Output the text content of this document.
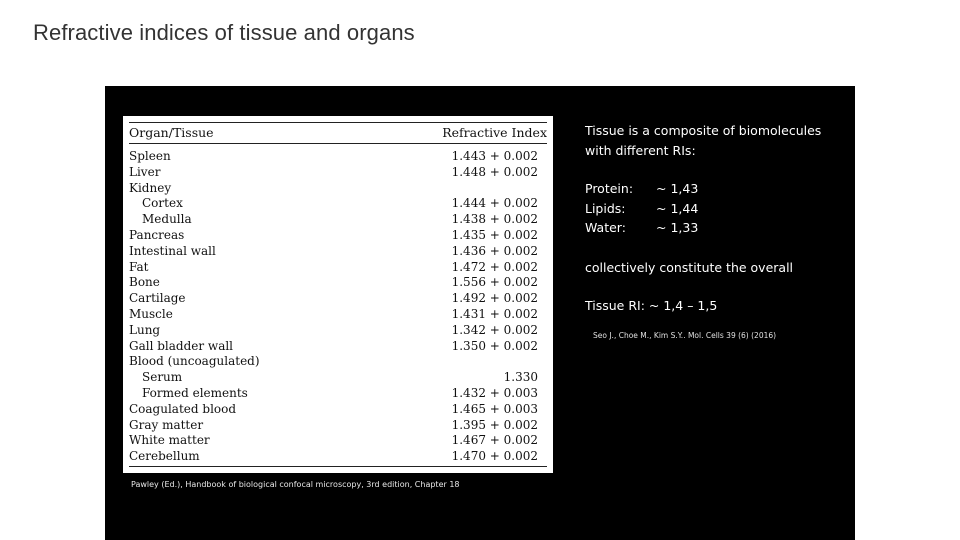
Refractive indices of tissue and organs
Organ/Tissue	Refractive Index
Spleen	1.443 + 0.002
Liver	1.448 + 0.002
Kidney
Cortex	1.444 + 0.002
Medulla	1.438 + 0.002
Pancreas	1.435 + 0.002
Intestinal wall	1.436 + 0.002
Fat	1.472 + 0.002
Bone	1.556 + 0.002
Cartilage	1.492 + 0.002
Muscle	1.431 + 0.002
Lung	1.342 + 0.002
Gall bladder wall	1.350 + 0.002
Blood (uncoagulated)
Serum	1.330
Formed elements	1.432 + 0.003
Coagulated blood	1.465 + 0.003
Gray matter	1.395 + 0.002
White matter	1.467 + 0.002
Cerebellum	1.470 + 0.002
Pawley (Ed.), Handbook of biological confocal microscopy, 3rd edition, Chapter 18
Tissue is a composite of biomolecules
with different RIs:
Protein: ~ 1,43
Lipids: ~ 1,44
Water: ~ 1,33
collectively constitute the overall
Tissue RI: ~ 1,4 – 1,5
Seo J., Choe M., Kim S.Y.. Mol. Cells 39 (6) (2016)
